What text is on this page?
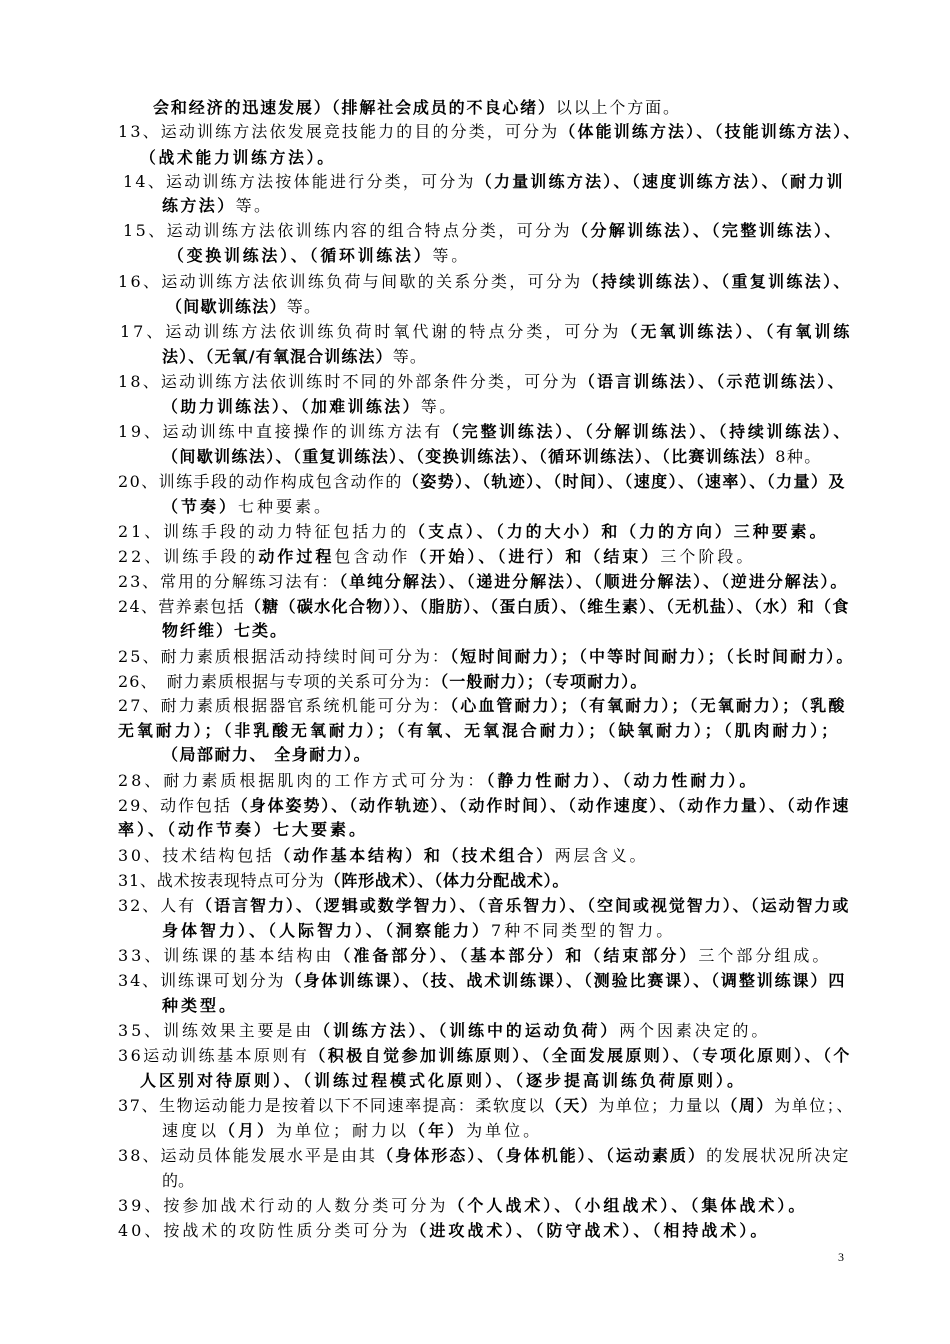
会和经济的迅速发展）（排解社会成员的不良心绪）以以上个方面。
13、运动训练方法依发展竞技能力的目的分类，可分为（体能训练方法）、（技能训练方法）、
（战术能力训练方法）。
14、运动训练方法按体能进行分类，可分为（力量训练方法）、（速度训练方法）、（耐力训
练方法）等。
15、运动训练方法依训练内容的组合特点分类，可分为（分解训练法）、（完整训练法）、
（变换训练法）、（循环训练法）等。
16、运动训练方法依训练负荷与间歇的关系分类，可分为（持续训练法）、（重复训练法）、
（间歇训练法）等。
17、运动训练方法依训练负荷时氧代谢的特点分类，可分为（无氧训练法）、（有氧训练
法）、（无氧/有氧混合训练法）等。
18、运动训练方法依训练时不同的外部条件分类，可分为（语言训练法）、（示范训练法）、
（助力训练法）、（加难训练法）等。
19、运动训练中直接操作的训练方法有（完整训练法）、（分解训练法）、（持续训练法）、
（间歇训练法）、（重复训练法）、（变换训练法）、（循环训练法）、（比赛训练法）8种。
20、训练手段的动作构成包含动作的（姿势）、（轨迹）、（时间）、（速度）、（速率）、（力量）及
（节奏）七种要素。
21、训练手段的动力特征包括力的（支点）、（力的大小）和（力的方向）三种要素。
22、训练手段的动作过程包含动作（开始）、（进行）和（结束）三个阶段。
23、常用的分解练习法有：（单纯分解法）、（递进分解法）、（顺进分解法）、（逆进分解法）。
24、营养素包括（糖（碳水化合物））、（脂肪）、（蛋白质）、（维生素）、（无机盐）、（水）和（食
物纤维）七类。
25、耐力素质根据活动持续时间可分为：（短时间耐力）；（中等时间耐力）；（长时间耐力）。
26、　耐力素质根据与专项的关系可分为：（一般耐力）；（专项耐力）。
27、耐力素质根据器官系统机能可分为：（心血管耐力）；（有氧耐力）；（无氧耐力）；（乳酸
无氧耐力）；（非乳酸无氧耐力）；（有氧、无氧混合耐力）；（缺氧耐力）；（肌肉耐力）；
（局部耐力、 全身耐力）。
28、耐力素质根据肌肉的工作方式可分为：（静力性耐力）、（动力性耐力）。
29、动作包括（身体姿势）、（动作轨迹）、（动作时间）、（动作速度）、（动作力量）、（动作速
率）、（动作节奏）七大要素。
30、技术结构包括（动作基本结构）和（技术组合）两层含义。
31、战术按表现特点可分为（阵形战术）、（体力分配战术）。
32、人有（语言智力）、（逻辑或数学智力）、（音乐智力）、（空间或视觉智力）、（运动智力或
身体智力）、（人际智力）、（洞察能力）7种不同类型的智力。
33、训练课的基本结构由（准备部分）、（基本部分）和（结束部分）三个部分组成。
34、训练课可划分为（身体训练课）、（技、战术训练课）、（测验比赛课）、（调整训练课）四
种类型。
35、训练效果主要是由（训练方法）、（训练中的运动负荷）两个因素决定的。
36运动训练基本原则有（积极自觉参加训练原则）、（全面发展原则）、（专项化原则）、（个
人区别对待原则）、（训练过程模式化原则）、（逐步提高训练负荷原则）。
37、生物运动能力是按着以下不同速率提高：柔软度以（天）为单位；力量以（周）为单位；、
速度以（月）为单位；耐力以（年）为单位。
38、运动员体能发展水平是由其（身体形态）、（身体机能）、（运动素质）的发展状况所决定
的。
39、按参加战术行动的人数分类可分为（个人战术）、（小组战术）、（集体战术）。
40、按战术的攻防性质分类可分为（进攻战术）、（防守战术）、（相持战术）。
3
